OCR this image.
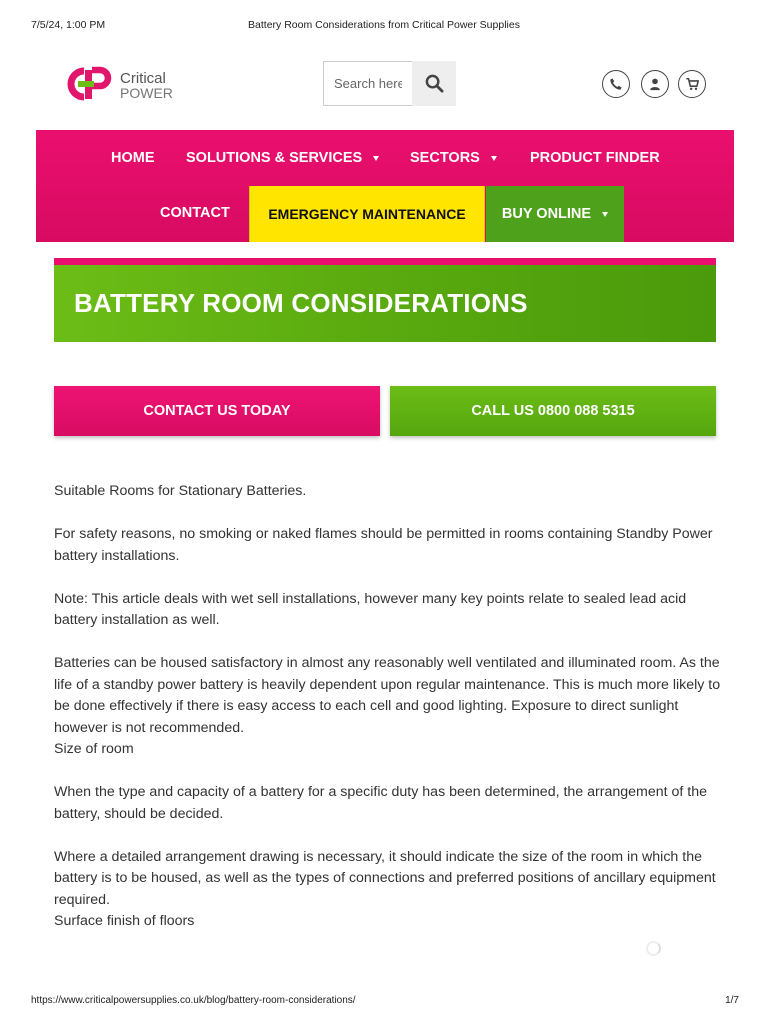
7/5/24, 1:00 PM	Battery Room Considerations from Critical Power Supplies
Critical
POWER
Search here...
HOME SOLUTIONS & SERVICES	SECTORS	PRODUCT FINDER
CONTACT	EMERGENCY MAINTENANCE	BUY ONLINE
BATTERY ROOM CONSIDERATIONS
CONTACT US TODAY	CALL US 0800 088 5315

Suitable Rooms for Stationary Batteries.

For safety reasons, no smoking or naked flames should be permitted in rooms containing Standby Power battery installations.

Note: This article deals with wet sell installations, however many key points relate to sealed lead acid battery installation as well.

Batteries can be housed satisfactory in almost any reasonably well ventilated and illuminated room. As the life of a standby power battery is heavily dependent upon regular maintenance. This is much more likely to be done effectively if there is easy access to each cell and good lighting. Exposure to direct sunlight however is not recommended.

Size of room

When the type and capacity of a battery for a specific duty has been determined, the arrangement of the battery, should be decided.

Where a detailed arrangement drawing is necessary, it should indicate the size of the room in which the battery is to be housed, as well as the types of connections and preferred positions of ancillary equipment required.

Surface finish of floors

https://www.criticalpowersupplies.co.uk/blog/battery-room-considerations/	1/7
